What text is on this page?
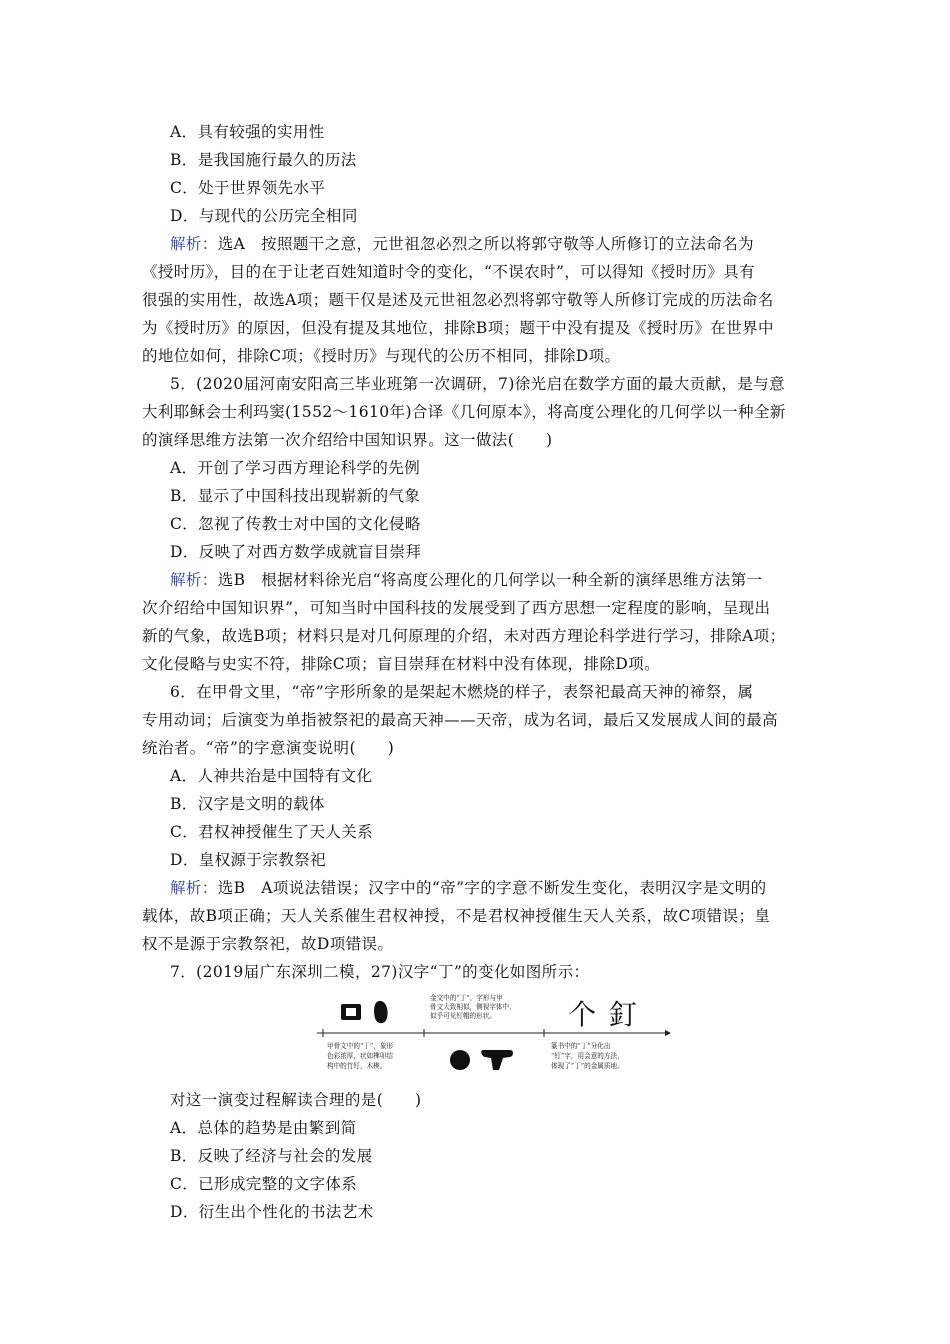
A．具有较强的实用性
B．是我国施行最久的历法
C．处于世界领先水平
D．与现代的公历完全相同
解析：选A　按照题干之意，元世祖忽必烈之所以将郭守敬等人所修订的立法命名为
《授时历》，目的在于让老百姓知道时令的变化，“不误农时”，可以得知《授时历》具有
很强的实用性，故选A项；题干仅是述及元世祖忽必烈将郭守敬等人所修订完成的历法命名
为《授时历》的原因，但没有提及其地位，排除B项；题干中没有提及《授时历》在世界中
的地位如何，排除C项；《授时历》与现代的公历不相同，排除D项。
5．(2020届河南安阳高三毕业班第一次调研，7)徐光启在数学方面的最大贡献，是与意
大利耶稣会士利玛窦(1552～1610年)合译《几何原本》，将高度公理化的几何学以一种全新
的演绎思维方法第一次介绍给中国知识界。这一做法(　　)
A．开创了学习西方理论科学的先例
B．显示了中国科技出现崭新的气象
C．忽视了传教士对中国的文化侵略
D．反映了对西方数学成就盲目崇拜
解析：选B　根据材料徐光启“将高度公理化的几何学以一种全新的演绎思维方法第一
次介绍给中国知识界”，可知当时中国科技的发展受到了西方思想一定程度的影响，呈现出
新的气象，故选B项；材料只是对几何原理的介绍，未对西方理论科学进行学习，排除A项；
文化侵略与史实不符，排除C项；盲目崇拜在材料中没有体现，排除D项。
6．在甲骨文里，“帝”字形所象的是架起木燃烧的样子，表祭祀最高天神的禘祭，属
专用动词；后演变为单指被祭祀的最高天神——天帝，成为名词，最后又发展成人间的最高
统治者。“帝”的字意演变说明(　　)
A．人神共治是中国特有文化
B．汉字是文明的载体
C．君权神授催生了天人关系
D．皇权源于宗教祭祀
解析：选B　A项说法错误；汉字中的“帝”字的字意不断发生变化，表明汉字是文明的
载体，故B项正确；天人关系催生君权神授，不是君权神授催生天人关系，故C项错误；皇
权不是源于宗教祭祀，故D项错误。
7．(2019届广东深圳二模，27)汉字“丁”的变化如图所示：
个 釘
金文中的“丁”，字形与甲
骨文大致相似，侧视字体中，
似乎可见钉帽的形状。
甲骨文中的“丁”，象形
色彩浓厚，状如榫卯结
构中的竹钉，木楔。
篆书中的“丁”分化出
“钉”字，用会意的方法，
体现了“丁”的金属质地。
对这一演变过程解读合理的是(　　)
A．总体的趋势是由繁到简
B．反映了经济与社会的发展
C．已形成完整的文字体系
D．衍生出个性化的书法艺术
